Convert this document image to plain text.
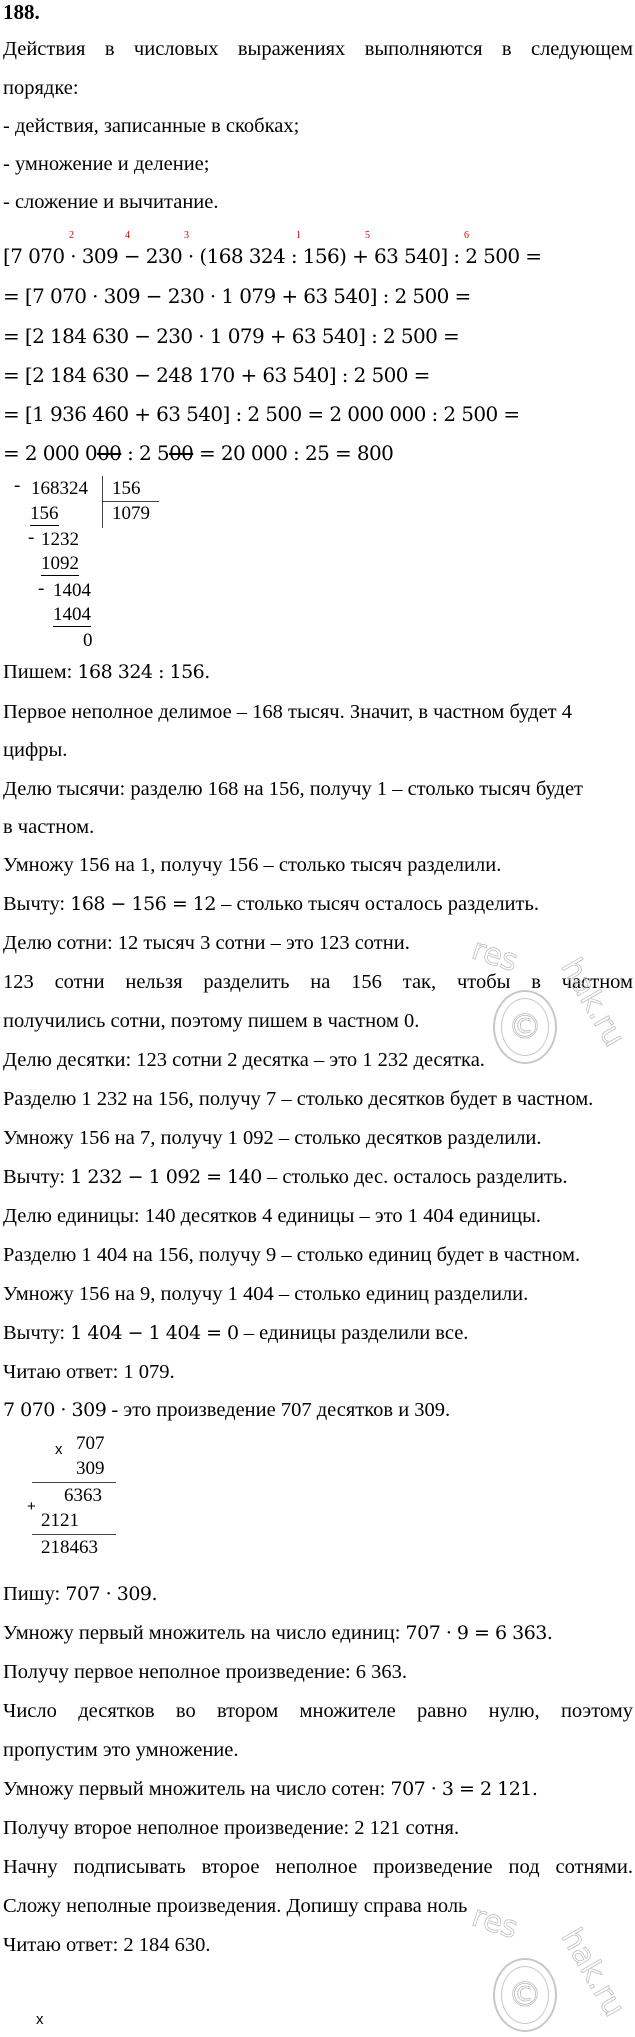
188.
Действия в числовых выражениях выполняются в следующем
порядке:
- действия, записанные в скобках;
- умножение и деление;
- сложение и вычитание.
2	4	3	1	5	6
[7 070 · 309 − 230 · (168 324 : 156) + 63 540] : 2 500 =
= [7 070 · 309 − 230 · 1 079 + 63 540] : 2 500 =
= [2 184 630 − 230 · 1 079 + 63 540] : 2 500 =
= [2 184 630 − 248 170 + 63 540] : 2 500 =
= [1 936 460 + 63 540] : 2 500 = 2 000 000 : 2 500 =
= 2 000 000 : 2 500 = 20 000 : 25 = 800
- 168324 156
1079
156
- 1232
1092
- 1404
1404
0
Пишем: 168 324 : 156.
Первое неполное делимое – 168 тысяч. Значит, в частном будет 4
цифры.
Делю тысячи: разделю 168 на 156, получу 1 – столько тысяч будет
в частном.
Умножу 156 на 1, получу 156 – столько тысяч разделили.
Вычту: 168 − 156 = 12 – столько тысяч осталось разделить.
Делю сотни: 12 тысяч 3 сотни – это 123 сотни.
123 сотни нельзя разделить на 156 так, чтобы в частном
получились сотни, поэтому пишем в частном 0.
Делю десятки: 123 сотни 2 десятка – это 1 232 десятка.
Разделю 1 232 на 156, получу 7 – столько десятков будет в частном.
Умножу 156 на 7, получу 1 092 – столько десятков разделили.
Вычту: 1 232 − 1 092 = 140 – столько дес. осталось разделить.
Делю единицы: 140 десятков 4 единицы – это 1 404 единицы.
Разделю 1 404 на 156, получу 9 – столько единиц будет в частном.
Умножу 156 на 9, получу 1 404 – столько единиц разделили.
Вычту: 1 404 − 1 404 = 0 – единицы разделили все.
Читаю ответ: 1 079.
7 070 · 309 - это произведение 707 десятков и 309.
x 707
309
+
6363
2121
218463
Пишу: 707 · 309.
Умножу первый множитель на число единиц: 707 · 9 = 6 363.
Получу первое неполное произведение: 6 363.
Число десятков во втором множителе равно нулю, поэтому
пропустим это умножение.
Умножу первый множитель на число сотен: 707 · 3 = 2 121.
Получу второе неполное произведение: 2 121 сотня.
Начну подписывать второе неполное произведение под сотнями.
Сложу неполные произведения. Допишу справа ноль
Читаю ответ: 2 184 630.
x
res hak.ru
©
res hak.ru
©
